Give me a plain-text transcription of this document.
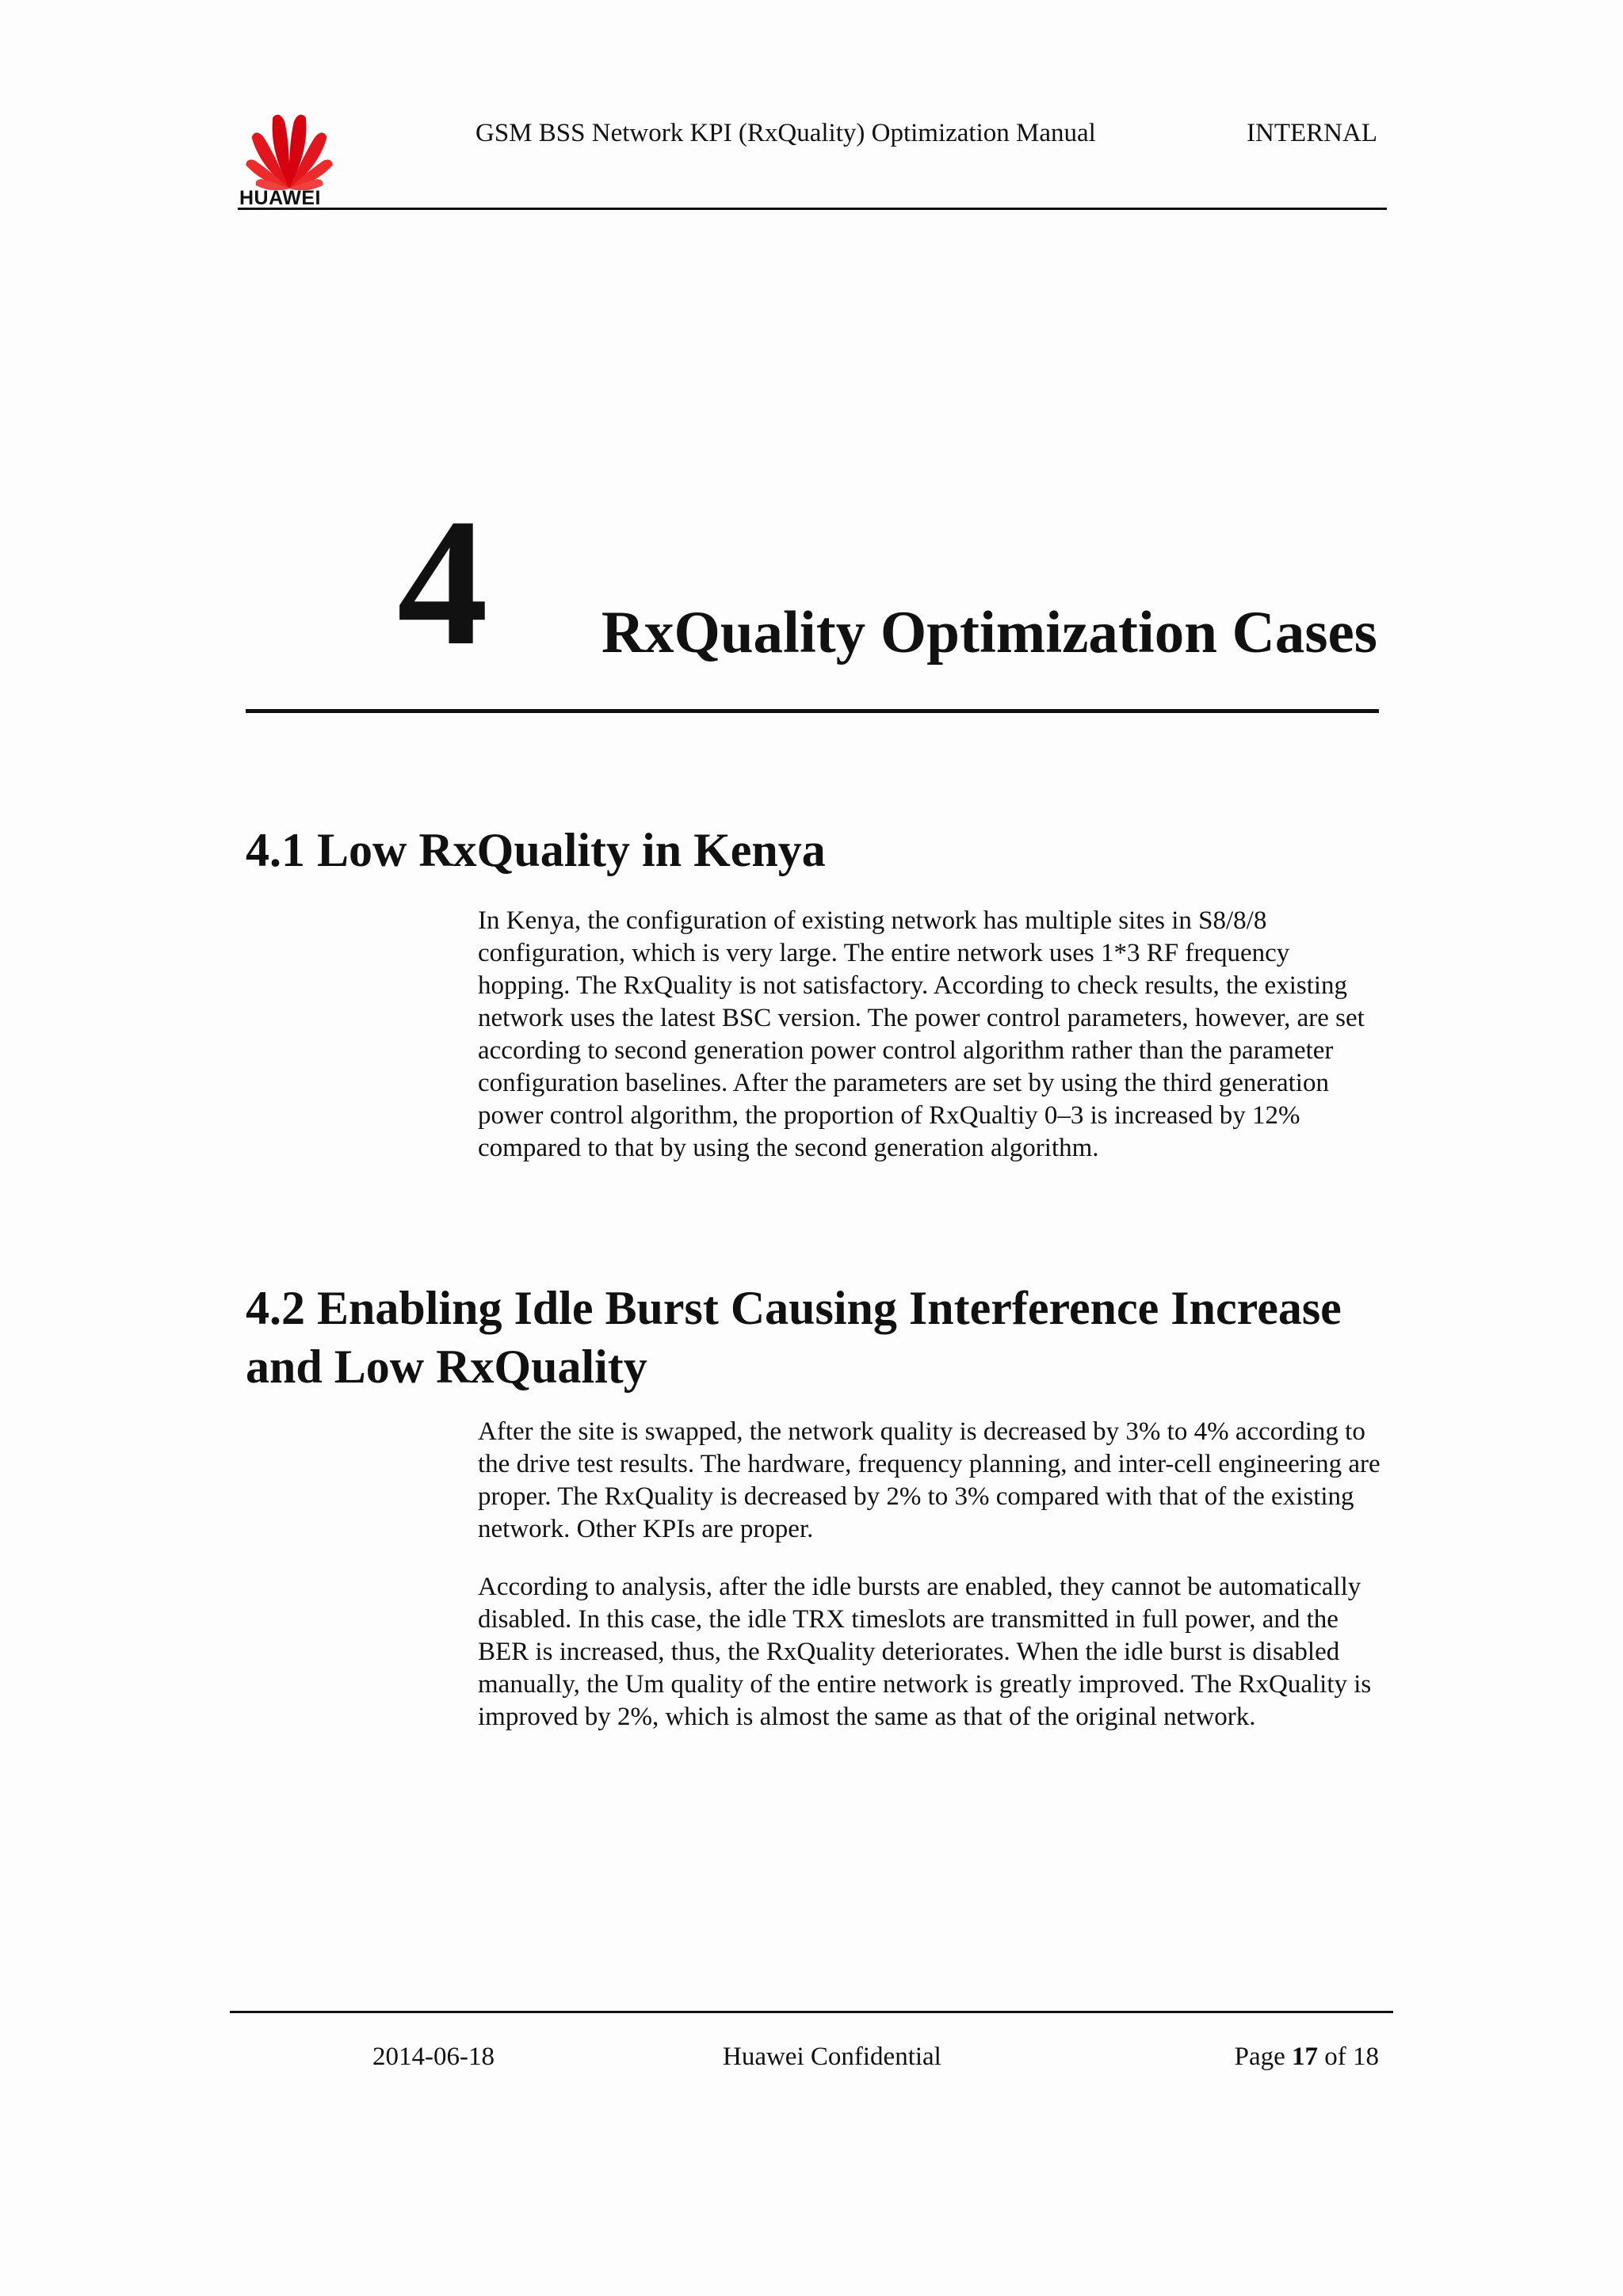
HUAWEI
GSM BSS Network KPI (RxQuality) Optimization Manual	INTERNAL
4 RxQuality Optimization Cases
4.1 Low RxQuality in Kenya
In Kenya, the configuration of existing network has multiple sites in S8/8/8 configuration, which is very large. The entire network uses 1*3 RF frequency hopping. The RxQuality is not satisfactory. According to check results, the existing network uses the latest BSC version. The power control parameters, however, are set according to second generation power control algorithm rather than the parameter configuration baselines. After the parameters are set by using the third generation power control algorithm, the proportion of RxQualtiy 0–3 is increased by 12% compared to that by using the second generation algorithm.
4.2 Enabling Idle Burst Causing Interference Increase and Low RxQuality
After the site is swapped, the network quality is decreased by 3% to 4% according to the drive test results. The hardware, frequency planning, and inter-cell engineering are proper. The RxQuality is decreased by 2% to 3% compared with that of the existing network. Other KPIs are proper.
According to analysis, after the idle bursts are enabled, they cannot be automatically disabled. In this case, the idle TRX timeslots are transmitted in full power, and the BER is increased, thus, the RxQuality deteriorates. When the idle burst is disabled manually, the Um quality of the entire network is greatly improved. The RxQuality is improved by 2%, which is almost the same as that of the original network.
2014-06-18	Huawei Confidential	Page 17 of 18
